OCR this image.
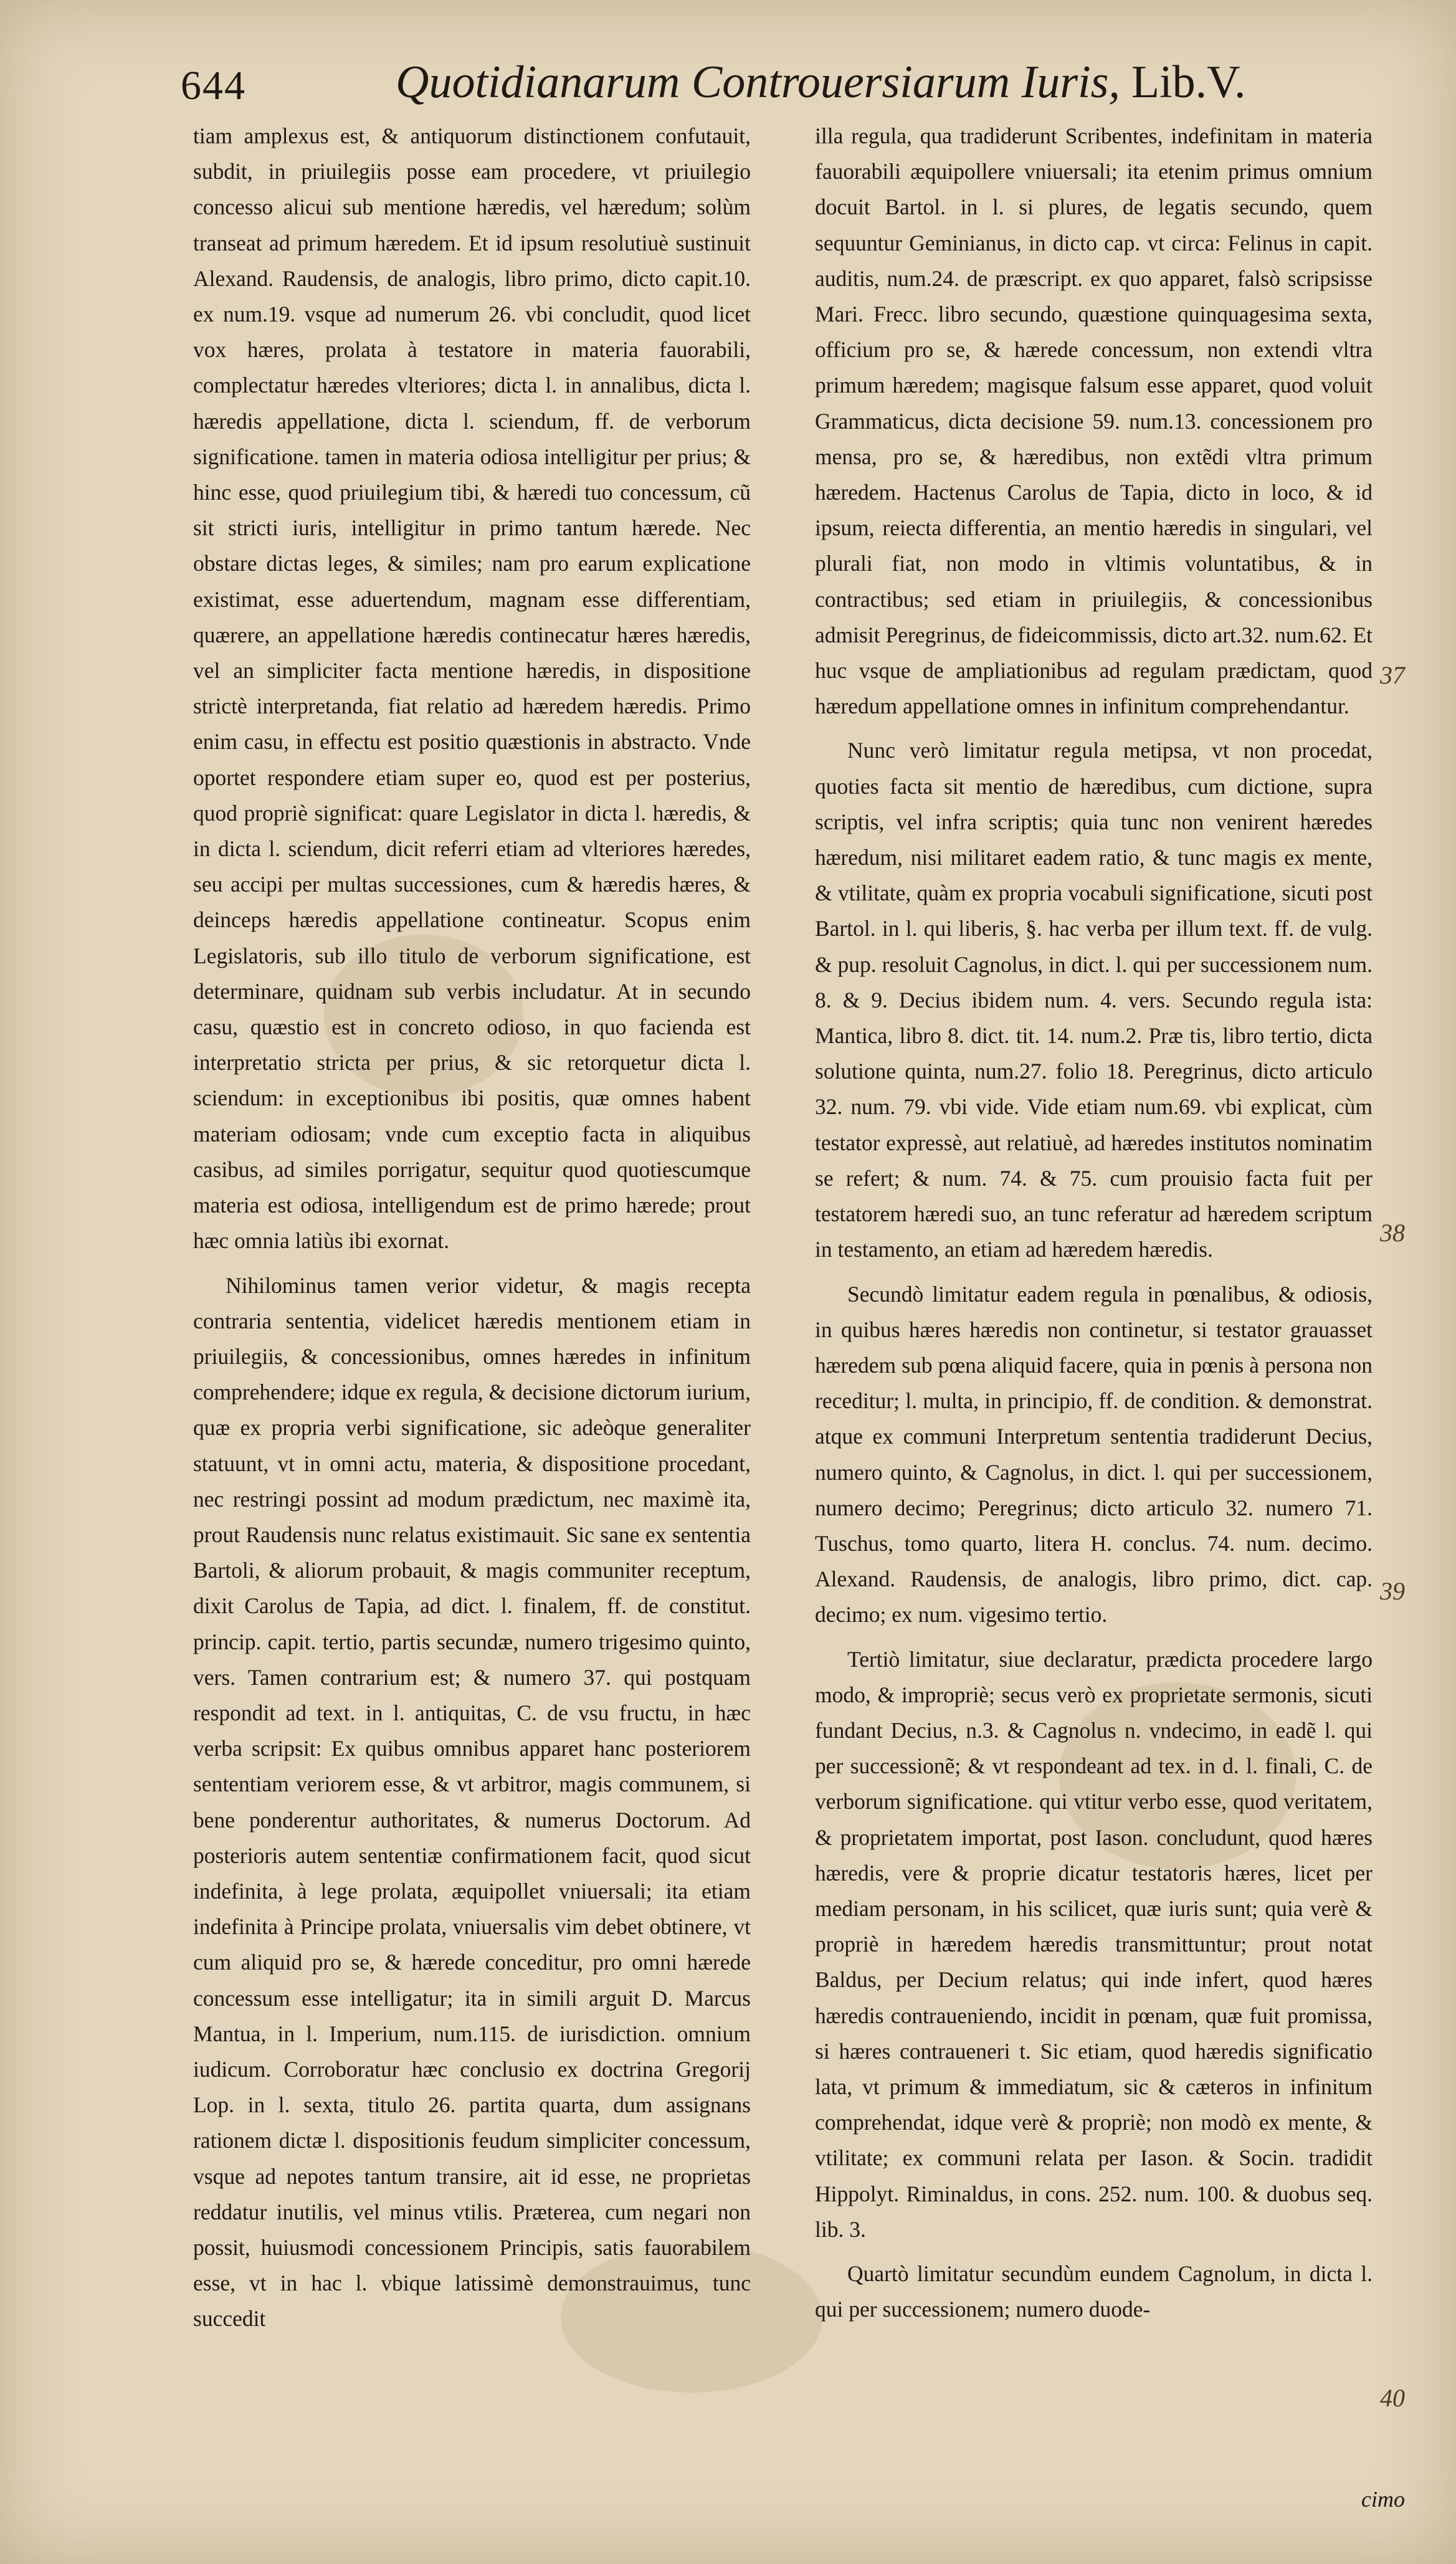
644	Quotidianarum Controuersiarum Iuris, Lib.V.

tiam amplexus est, & antiquorum distinctionem confutauit, subdit, in priuilegiis posse eam procedere, vt priuilegio concesso alicui sub mentione hæredis, vel hæredum; solùm transeat ad primum hæredem. Et id ipsum resolutiuè sustinuit Alexand. Raudensis, de analogis, libro primo, dicto capit.10. ex num.19. vsque ad numerum 26. vbi concludit, quod licet vox hæres, prolata à testatore in materia fauorabili, complectatur hæredes vlteriores; dicta l. in annalibus, dicta l. hæredis appellatione, dicta l. sciendum, ff. de verborum significatione. tamen in materia odiosa intelligitur per prius; & hinc esse, quod priuilegium tibi, & hæredi tuo concessum, cũ sit stricti iuris, intelligitur in primo tantum hærede. Nec obstare dictas leges, & similes; nam pro earum explicatione existimat, esse aduertendum, magnam esse differentiam, quærere, an appellatione hæredis continecatur hæres hæredis, vel an simpliciter facta mentione hæredis, in dispositione strictè interpretanda, fiat relatio ad hæredem hæredis. Primo enim casu, in effectu est positio quæstionis in abstracto. Vnde oportet respondere etiam super eo, quod est per posterius, quod propriè significat: quare Legislator in dicta l. hæredis, & in dicta l. sciendum, dicit referri etiam ad vlteriores hæredes, seu accipi per multas successiones, cum & hæredis hæres, & deinceps hæredis appellatione contineatur. Scopus enim Legislatoris, sub illo titulo de verborum significatione, est determinare, quidnam sub verbis includatur. At in secundo casu, quæstio est in concreto odioso, in quo facienda est interpretatio stricta per prius, & sic retorquetur dicta l. sciendum: in exceptionibus ibi positis, quæ omnes habent materiam odiosam; vnde cum exceptio facta in aliquibus casibus, ad similes porrigatur, sequitur quod quotiescumque materia est odiosa, intelligendum est de primo hærede; prout hæc omnia latiùs ibi exornat.

Nihilominus tamen verior videtur, & magis recepta contraria sententia, videlicet hæredis mentionem etiam in priuilegiis, & concessionibus, omnes hæredes in infinitum comprehendere; idque ex regula, & decisione dictorum iurium, quæ ex propria verbi significatione, sic adeòque generaliter statuunt, vt in omni actu, materia, & dispositione procedant, nec restringi possint ad modum prædictum, nec maximè ita, prout Raudensis nunc relatus existimauit. Sic sane ex sententia Bartoli, & aliorum probauit, & magis communiter receptum, dixit Carolus de Tapia, ad dict. l. finalem, ff. de constitut. princip. capit. tertio, partis secundæ, numero trigesimo quinto, vers. Tamen contrarium est; & numero 37. qui postquam respondit ad text. in l. antiquitas, C. de vsu fructu, in hæc verba scripsit: Ex quibus omnibus apparet hanc posteriorem sententiam veriorem esse, & vt arbitror, magis communem, si bene ponderentur authoritates, & numerus Doctorum. Ad posterioris autem sententiæ confirmationem facit, quod sicut indefinita, à lege prolata, æquipollet vniuersali; ita etiam indefinita à Principe prolata, vniuersalis vim debet obtinere, vt cum aliquid pro se, & hærede conceditur, pro omni hærede concessum esse intelligatur; ita in simili arguit D. Marcus Mantua, in l. Imperium, num.115. de iurisdiction. omnium iudicum. Corroboratur hæc conclusio ex doctrina Gregorij Lop. in l. sexta, titulo 26. partita quarta, dum assignans rationem dictæ l. dispositionis feudum simpliciter concessum, vsque ad nepotes tantum transire, ait id esse, ne proprietas reddatur inutilis, vel minus vtilis. Præterea, cum negari non possit, huiusmodi concessionem Principis, satis fauorabilem esse, vt in hac l. vbique latissimè demonstrauimus, tunc succedit

illa regula, qua tradiderunt Scribentes, indefinitam in materia fauorabili æquipollere vniuersali; ita etenim primus omnium docuit Bartol. in l. si plures, de legatis secundo, quem sequuntur Geminianus, in dicto cap. vt circa: Felinus in capit. auditis, num.24. de præscript. ex quo apparet, falsò scripsisse Mari. Frecc. libro secundo, quæstione quinquagesima sexta, officium pro se, & hærede concessum, non extendi vltra primum hæredem; magisque falsum esse apparet, quod voluit Grammaticus, dicta decisione 59. num.13. concessionem pro mensa, pro se, & hæredibus, non extẽdi vltra primum hæredem. Hactenus Carolus de Tapia, dicto in loco, & id ipsum, reiecta differentia, an mentio hæredis in singulari, vel plurali fiat, non modo in vltimis voluntatibus, & in contractibus; sed etiam in priuilegiis, & concessionibus admisit Peregrinus, de fideicommissis, dicto art.32. num.62. Et huc vsque de ampliationibus ad regulam prædictam, quod hæredum appellatione omnes in infinitum comprehendantur.

Nunc verò limitatur regula metipsa, vt non procedat, quoties facta sit mentio de hæredibus, cum dictione, supra scriptis, vel infra scriptis; quia tunc non venirent hæredes hæredum, nisi militaret eadem ratio, & tunc magis ex mente, & vtilitate, quàm ex propria vocabuli significatione, sicuti post Bartol. in l. qui liberis, §. hac verba per illum text. ff. de vulg. & pup. resoluit Cagnolus, in dict. l. qui per successionem num. 8. & 9. Decius ibidem num. 4. vers. Secundo regula ista: Mantica, libro 8. dict. tit. 14. num.2. Præ tis, libro tertio, dicta solutione quinta, num.27. folio 18. Peregrinus, dicto articulo 32. num. 79. vbi vide. Vide etiam num.69. vbi explicat, cùm testator expressè, aut relatiuè, ad hæredes institutos nominatim se refert; & num. 74. & 75. cum prouisio facta fuit per testatorem hæredi suo, an tunc referatur ad hæredem scriptum in testamento, an etiam ad hæredem hæredis.

Secundò limitatur eadem regula in pœnalibus, & odiosis, in quibus hæres hæredis non continetur, si testator grauasset hæredem sub pœna aliquid facere, quia in pœnis à persona non receditur; l. multa, in principio, ff. de condition. & demonstrat. atque ex communi Interpretum sententia tradiderunt Decius, numero quinto, & Cagnolus, in dict. l. qui per successionem, numero decimo; Peregrinus; dicto articulo 32. numero 71. Tuschus, tomo quarto, litera H. conclus. 74. num. decimo. Alexand. Raudensis, de analogis, libro primo, dict. cap. decimo; ex num. vigesimo tertio.

Tertiò limitatur, siue declaratur, prædicta procedere largo modo, & impropriè; secus verò ex proprietate sermonis, sicuti fundant Decius, n.3. & Cagnolus n. vndecimo, in eadẽ l. qui per successionẽ; & vt respondeant ad tex. in d. l. finali, C. de verborum significatione. qui vtitur verbo esse, quod veritatem, & proprietatem importat, post Iason. concludunt, quod hæres hæredis, vere & proprie dicatur testatoris hæres, licet per mediam personam, in his scilicet, quæ iuris sunt; quia verè & propriè in hæredem hæredis transmittuntur; prout notat Baldus, per Decium relatus; qui inde infert, quod hæres hæredis contraueniendo, incidit in pœnam, quæ fuit promissa, si hæres contraueneri t. Sic etiam, quod hæredis significatio lata, vt primum & immediatum, sic & cæteros in infinitum comprehendat, idque verè & propriè; non modò ex mente, & vtilitate; ex communi relata per Iason. & Socin. tradidit Hippolyt. Riminaldus, in cons. 252. num. 100. & duobus seq. lib. 3.

Quartò limitatur secundùm eundem Cagnolum, in dicta l. qui per successionem; numero duode-

37
38
39
40
cimo
